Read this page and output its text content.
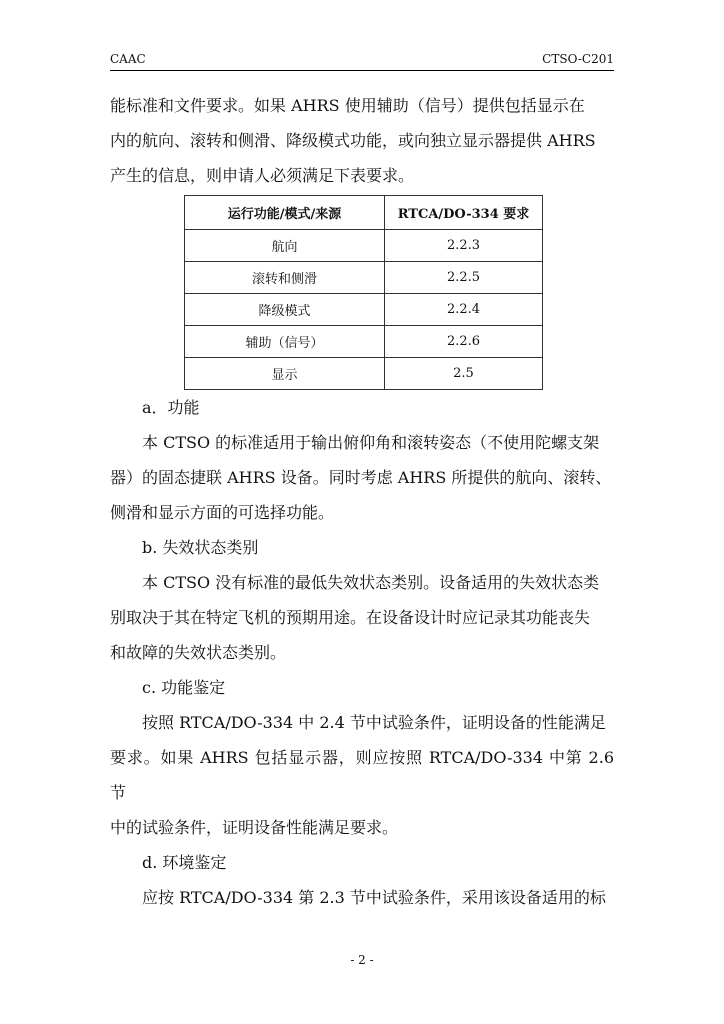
CAAC	CTSO-C201

能标准和文件要求。如果 AHRS 使用辅助（信号）提供包括显示在
内的航向、滚转和侧滑、降级模式功能，或向独立显示器提供 AHRS
产生的信息，则申请人必须满足下表要求。

运行功能/模式/来源	RTCA/DO-334 要求
航向	2.2.3
滚转和侧滑	2.2.5
降级模式	2.2.4
辅助（信号）	2.2.6
显示	2.5

a．功能

本 CTSO 的标准适用于输出俯仰角和滚转姿态（不使用陀螺支架
器）的固态捷联 AHRS 设备。同时考虑 AHRS 所提供的航向、滚转、
侧滑和显示方面的可选择功能。

b. 失效状态类别

本 CTSO 没有标准的最低失效状态类别。设备适用的失效状态类
别取决于其在特定飞机的预期用途。在设备设计时应记录其功能丧失
和故障的失效状态类别。

c. 功能鉴定

按照 RTCA/DO-334 中 2.4 节中试验条件，证明设备的性能满足
要求。如果 AHRS 包括显示器，则应按照 RTCA/DO-334 中第 2.6 节
中的试验条件，证明设备性能满足要求。

d. 环境鉴定

应按 RTCA/DO-334 第 2.3 节中试验条件，采用该设备适用的标

- 2 -
